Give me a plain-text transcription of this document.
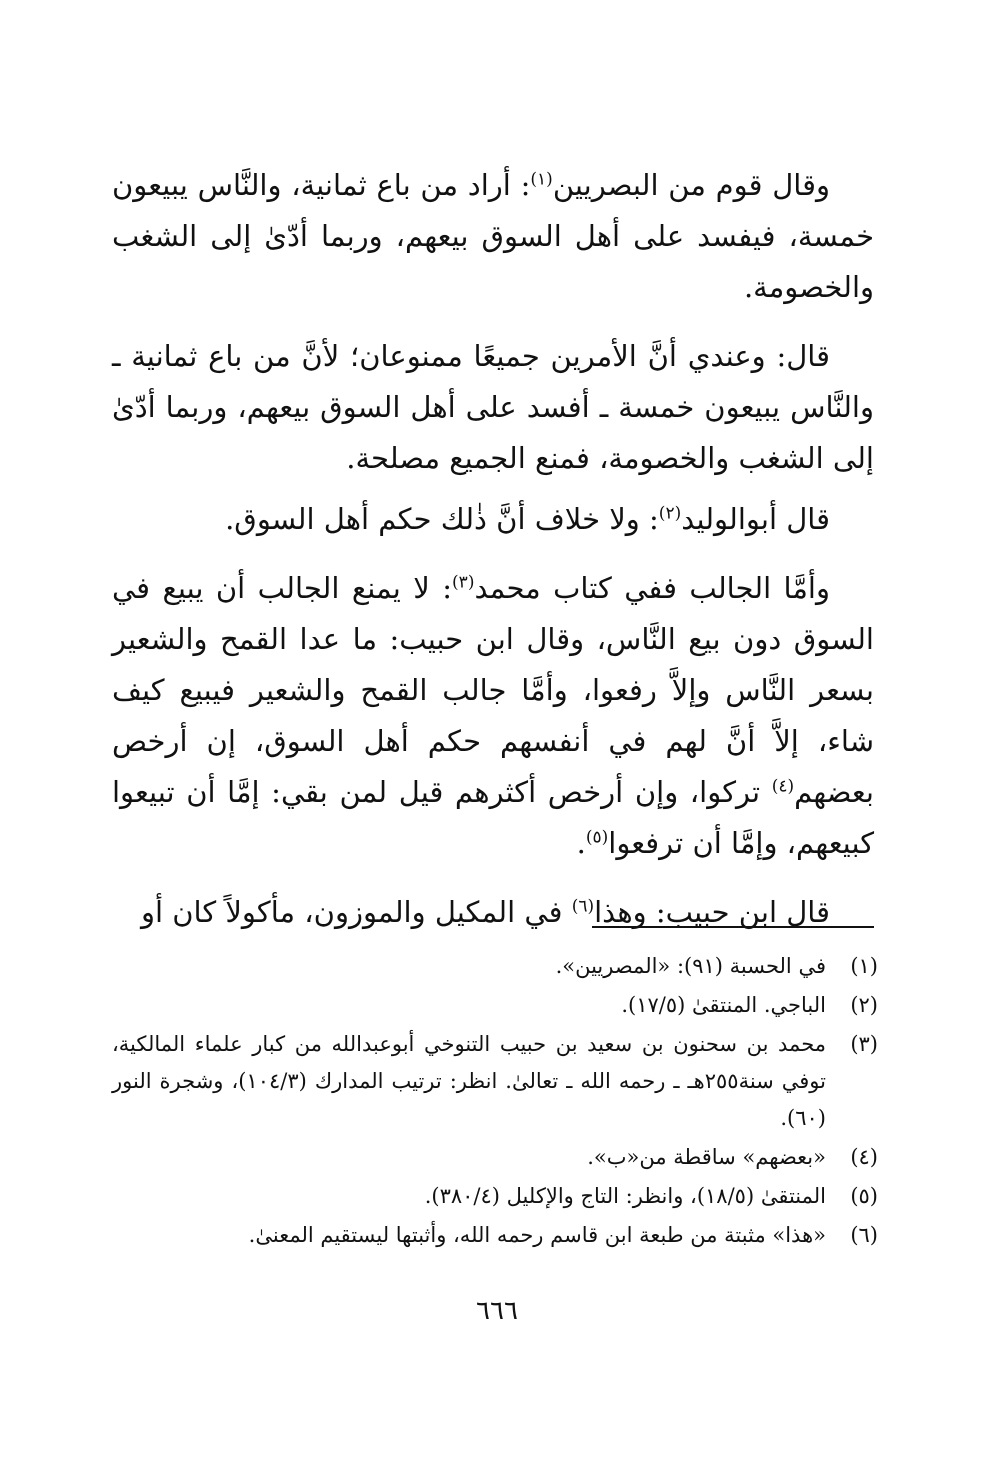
وقال قوم من البصريين$^{(١)}$: أراد من باع ثمانية، والنَّاس يبيعون خمسة، فيفسد على أهل السوق بيعهم، وربما أدّىٰ إلى الشغب والخصومة.

قال: وعندي أنَّ الأمرين جميعًا ممنوعان؛ لأنَّ من باع ثمانية ـ والنَّاس يبيعون خمسة ـ أفسد على أهل السوق بيعهم، وربما أدّىٰ إلى الشغب والخصومة، فمنع الجميع مصلحة.

قال أبوالوليد$^{(٢)}$: ولا خلاف أنَّ ذٰلك حكم أهل السوق.

وأمَّا الجالب ففي كتاب محمد$^{(٣)}$: لا يمنع الجالب أن يبيع في السوق دون بيع النَّاس، وقال ابن حبيب: ما عدا القمح والشعير بسعر النَّاس وإلاَّ رفعوا، وأمَّا جالب القمح والشعير فيبيع كيف شاء، إلاَّ أنَّ لهم في أنفسهم حكم أهل السوق، إن أرخص بعضهم$^{(٤)}$ تركوا، وإن أرخص أكثرهم قيل لمن بقي: إمَّا أن تبيعوا كبيعهم، وإمَّا أن ترفعوا$^{(٥)}$.

قال ابن حبيب: وهذا$^{(٦)}$ في المكيل والموزون، مأكولاً كان أو

(١)
في الحسبة (٩١): «المصريين».
(٢)
الباجي. المنتقىٰ (١٧/٥).
(٣)
محمد بن سحنون بن سعيد بن حبيب التنوخي أبوعبدالله من كبار علماء المالكية، توفي سنة٢٥٥هـ ـ رحمه الله ـ تعالىٰ. انظر: ترتيب المدارك (١٠٤/٣)، وشجرة النور (٦٠).
(٤)
«بعضهم» ساقطة من«ب».
(٥)
المنتقىٰ (١٨/٥)، وانظر: التاج والإكليل (٣٨٠/٤).
(٦)
«هذا» مثبتة من طبعة ابن قاسم رحمه الله، وأثبتها ليستقيم المعنىٰ.
٦٦٦
